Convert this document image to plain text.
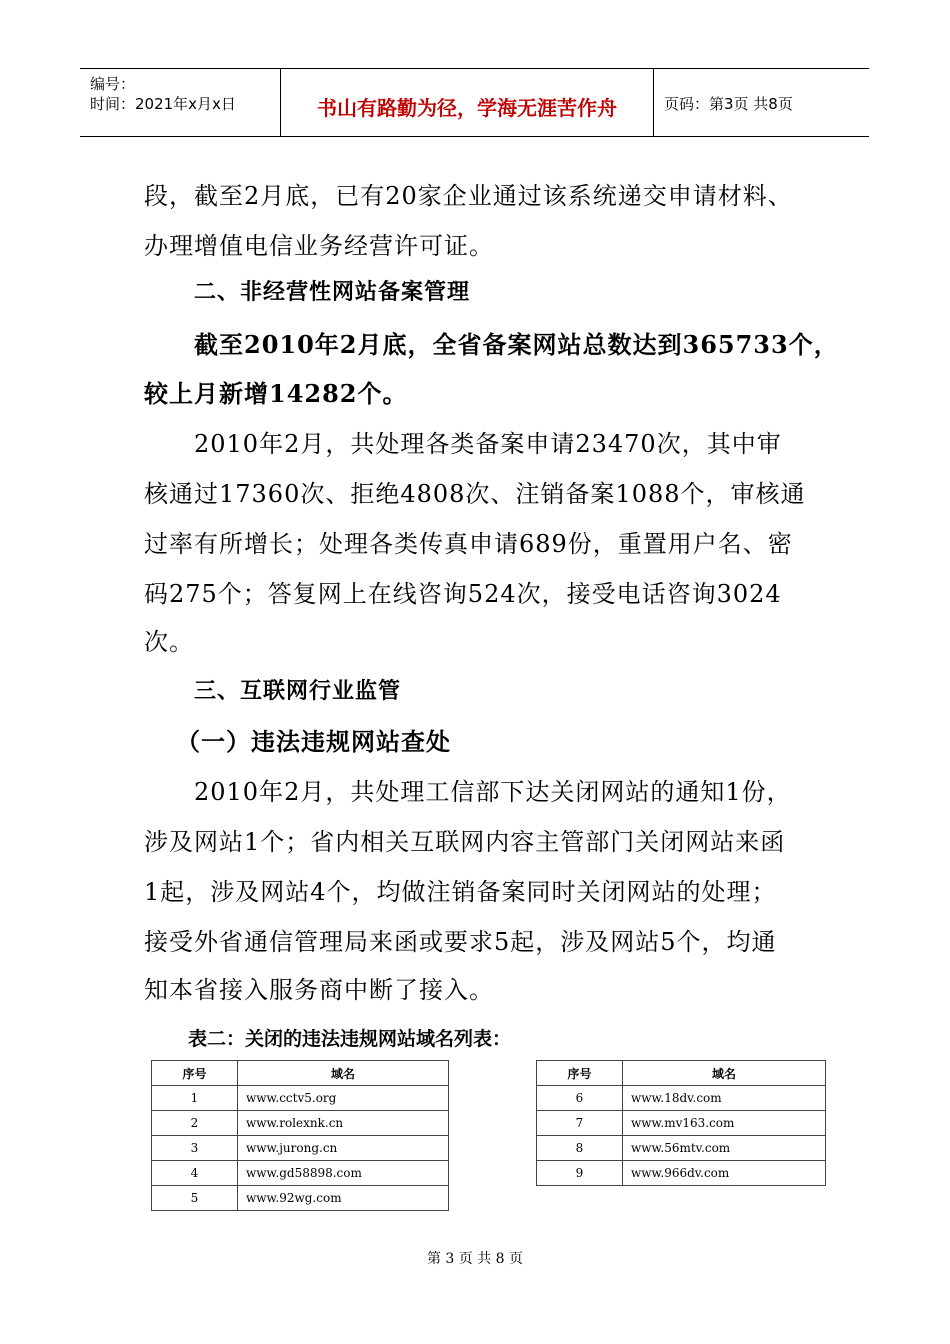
编号：
时间：2021年x月x日	书山有路勤为径，学海无涯苦作舟	页码：第3页 共8页
段，截至2月底，已有20家企业通过该系统递交申请材料、
办理增值电信业务经营许可证。
二、非经营性网站备案管理
截至2010年2月底，全省备案网站总数达到365733个，
较上月新增14282个。
2010年2月，共处理各类备案申请23470次，其中审
核通过17360次、拒绝4808次、注销备案1088个，审核通
过率有所增长；处理各类传真申请689份，重置用户名、密
码275个；答复网上在线咨询524次，接受电话咨询3024
次。
三、互联网行业监管
（一）违法违规网站查处
2010年2月，共处理工信部下达关闭网站的通知1份，
涉及网站1个；省内相关互联网内容主管部门关闭网站来函
1起，涉及网站4个，均做注销备案同时关闭网站的处理；
接受外省通信管理局来函或要求5起，涉及网站5个，均通
知本省接入服务商中断了接入。
表二：关闭的违法违规网站域名列表：
序号	域名
1	www.cctv5.org
2	www.rolexnk.cn
3	www.jurong.cn
4	www.gd58898.com
5	www.92wg.com
序号	域名
6	www.18dv.com
7	www.mv163.com
8	www.56mtv.com
9	www.966dv.com
第 3 页 共 8 页
